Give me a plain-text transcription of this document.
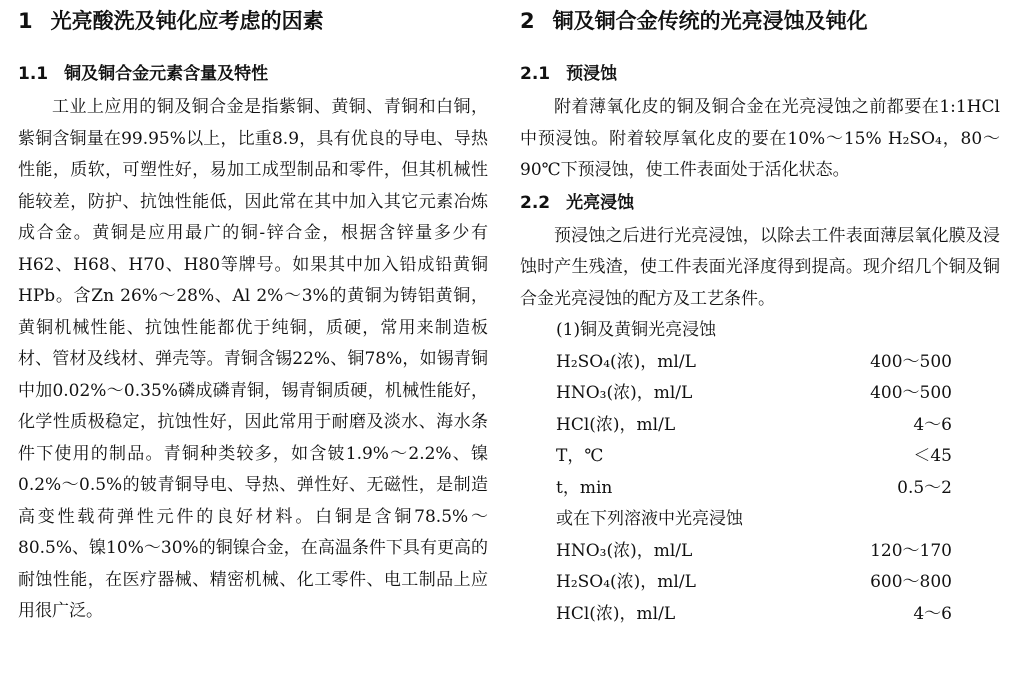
1 光亮酸洗及钝化应考虑的因素
1.1 铜及铜合金元素含量及特性

工业上应用的铜及铜合金是指紫铜、黄铜、青铜和白铜，紫铜含铜量在99.95%以上，比重8.9，具有优良的导电、导热性能，质软，可塑性好，易加工成型制品和零件，但其机械性能较差，防护、抗蚀性能低，因此常在其中加入其它元素冶炼成合金。黄铜是应用最广的铜-锌合金，根据含锌量多少有H62、H68、H70、H80等牌号。如果其中加入铅成铅黄铜HPb。含Zn 26%～28%、Al 2%～3%的黄铜为铸铝黄铜，黄铜机械性能、抗蚀性能都优于纯铜，质硬，常用来制造板材、管材及线材、弹壳等。青铜含锡22%、铜78%，如锡青铜中加0.02%～0.35%磷成磷青铜，锡青铜质硬，机械性能好，化学性质极稳定，抗蚀性好，因此常用于耐磨及淡水、海水条件下使用的制品。青铜种类较多，如含铍1.9%～2.2%、镍0.2%～0.5%的铍青铜导电、导热、弹性好、无磁性，是制造高变性载荷弹性元件的良好材料。白铜是含铜78.5%～80.5%、镍10%～30%的铜镍合金，在高温条件下具有更高的耐蚀性能，在医疗器械、精密机械、化工零件、电工制品上应用很广泛。

2 铜及铜合金传统的光亮浸蚀及钝化
2.1 预浸蚀

附着薄氧化皮的铜及铜合金在光亮浸蚀之前都要在1:1HCl中预浸蚀。附着较厚氧化皮的要在10%～15% H₂SO₄，80～90℃下预浸蚀，使工件表面处于活化状态。

2.2 光亮浸蚀

预浸蚀之后进行光亮浸蚀，以除去工件表面薄层氧化膜及浸蚀时产生残渣，使工件表面光泽度得到提高。现介绍几个铜及铜合金光亮浸蚀的配方及工艺条件。

(1)铜及黄铜光亮浸蚀
H₂SO₄(浓)，ml/L	400～500
HNO₃(浓)，ml/L	400～500
HCl(浓)，ml/L	4～6
T，℃	＜45
t，min	0.5～2
或在下列溶液中光亮浸蚀
HNO₃(浓)，ml/L	120～170
H₂SO₄(浓)，ml/L	600～800
HCl(浓)，ml/L	4～6
